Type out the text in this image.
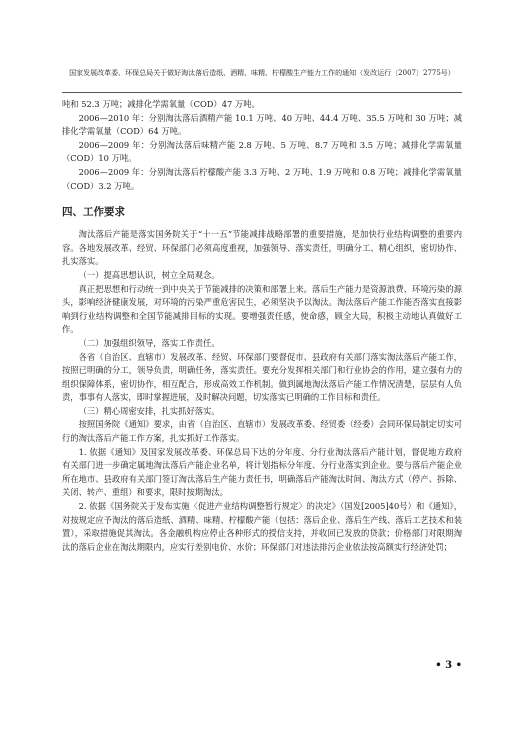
国家发展改革委、环保总局关于做好淘汰落后造纸、酒精、味精、柠檬酸生产能力工作的通知（发改运行〔2007〕2775号）

吨和 52.3 万吨；减排化学需氧量（COD）47 万吨。

2006—2010 年：分别淘汰落后酒精产能 10.1 万吨、40 万吨、44.4 万吨、35.5 万吨和 30 万吨；减排化学需氧量（COD）64 万吨。

2006—2009 年：分别淘汰落后味精产能 2.8 万吨、5 万吨、8.7 万吨和 3.5 万吨；减排化学需氧量（COD）10 万吨。

2006—2009 年：分别淘汰落后柠檬酸产能 3.3 万吨、2 万吨、1.9 万吨和 0.8 万吨；减排化学需氧量（COD）3.2 万吨。

四、工作要求

淘汰落后产能是落实国务院关于“十一五”节能减排战略部署的重要措施，是加快行业结构调整的重要内容。各地发展改革、经贸、环保部门必须高度重视，加强领导、落实责任，明确分工、精心组织，密切协作、扎实落实。

（一）提高思想认识，树立全局观念。

真正把思想和行动统一到中央关于节能减排的决策和部署上来。落后生产能力是资源浪费、环境污染的源头，影响经济健康发展，对环境的污染严重危害民生，必须坚决予以淘汰。淘汰落后产能工作能否落实直接影响到行业结构调整和全国节能减排目标的实现。要增强责任感，使命感，顾全大局，积极主动地认真做好工作。

（二）加强组织领导，落实工作责任。

各省（自治区、直辖市）发展改革、经贸、环保部门要督促市、县政府有关部门落实淘汰落后产能工作，按照已明确的分工，领导负责，明确任务，落实责任。要充分发挥相关部门和行业协会的作用，建立强有力的组织保障体系，密切协作，相互配合，形成高效工作机制。做到属地淘汰落后产能工作情况清楚，层层有人负责，事事有人落实，即时掌握进展，及时解决问题，切实落实已明确的工作目标和责任。

（三）精心周密安排，扎实抓好落实。

按照国务院《通知》要求，由省（自治区、直辖市）发展改革委、经贸委（经委）会同环保局制定切实可行的淘汰落后产能工作方案，扎实抓好工作落实。

1. 依据《通知》及国家发展改革委、环保总局下达的分年度、分行业淘汰落后产能计划，督促地方政府有关部门进一步确定属地淘汰落后产能企业名单，将计划指标分年度、分行业落实到企业。要与落后产能企业所在地市、县政府有关部门签订淘汰落后生产能力责任书，明确落后产能淘汰时间、淘汰方式（停产、拆除、关闭、转产、重组）和要求，限时按期淘汰。

2. 依据《国务院关于发布实施〈促进产业结构调整暂行规定〉的决定》（国发[2005]40号）和《通知》，对按规定应予淘汰的落后造纸、酒精、味精、柠檬酸产能（包括：落后企业、落后生产线、落后工艺技术和装置），采取措施促其淘汰。各金融机构应停止各种形式的授信支持，并收回已发放的贷款；价格部门对限期淘汰的落后企业在淘汰期限内，应实行差别电价、水价；环保部门对违法排污企业依法按高额实行经济处罚；

• 3 •
